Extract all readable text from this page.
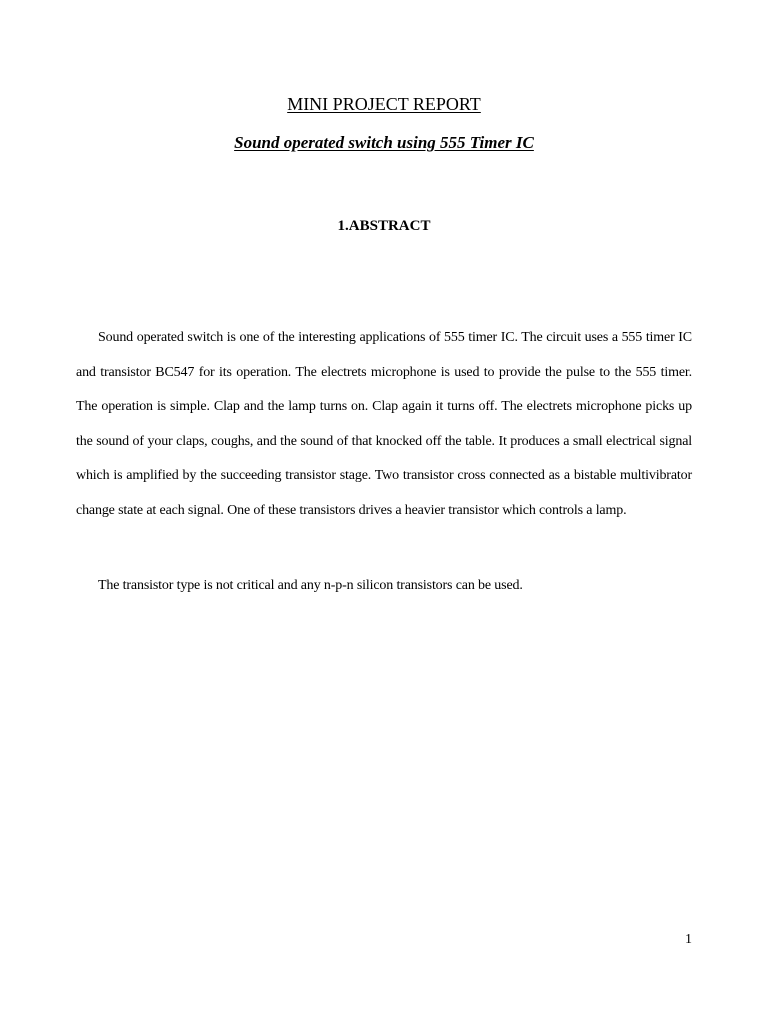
MINI PROJECT REPORT
Sound operated switch using 555 Timer IC
1.ABSTRACT

Sound operated switch is one of the interesting applications of 555 timer IC. The circuit uses a 555 timer IC and transistor BC547 for its operation. The electrets microphone is used to provide the pulse to the 555 timer. The operation is simple. Clap and the lamp turns on. Clap again it turns off. The electrets microphone picks up the sound of your claps, coughs, and the sound of that knocked off the table. It produces a small electrical signal which is amplified by the succeeding transistor stage. Two transistor cross connected as a bistable multivibrator change state at each signal. One of these transistors drives a heavier transistor which controls a lamp.

The transistor type is not critical and any n-p-n silicon transistors can be used.

1
